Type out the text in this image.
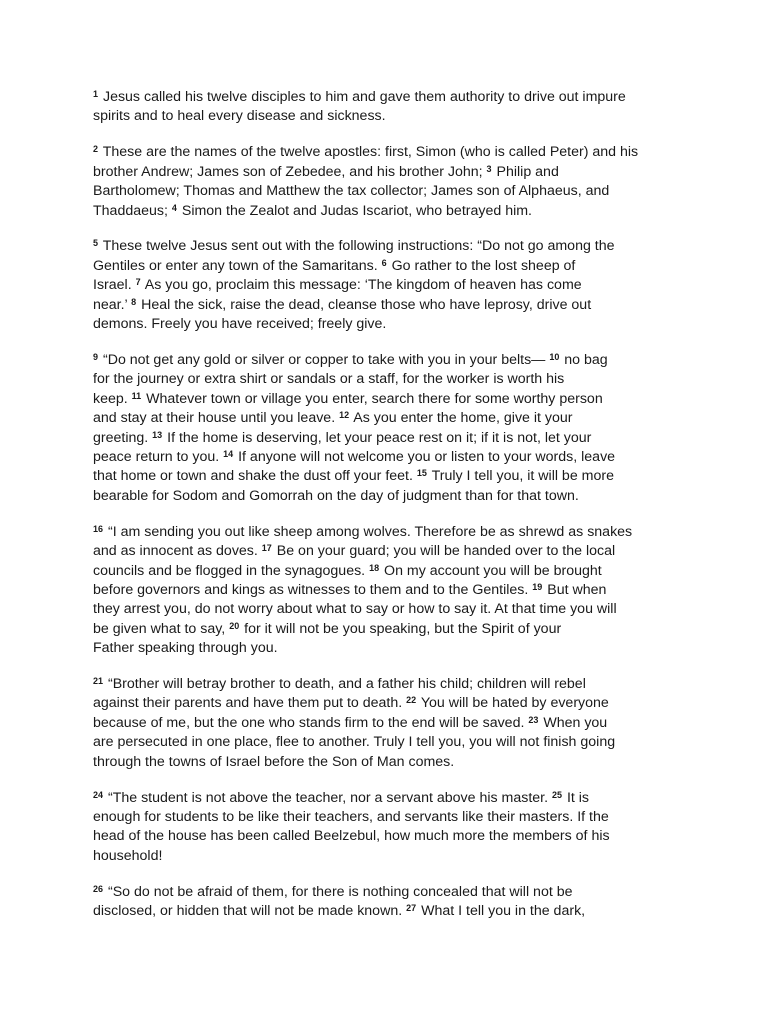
$^1$ Jesus called his twelve disciples to him and gave them authority to drive out impure
spirits and to heal every disease and sickness.

$^2$ These are the names of the twelve apostles: first, Simon (who is called Peter) and his
brother Andrew; James son of Zebedee, and his brother John; $^3$ Philip and
Bartholomew; Thomas and Matthew the tax collector; James son of Alphaeus, and
Thaddaeus; $^4$ Simon the Zealot and Judas Iscariot, who betrayed him.

$^5$ These twelve Jesus sent out with the following instructions: “Do not go among the
Gentiles or enter any town of the Samaritans. $^6$ Go rather to the lost sheep of
Israel. $^7$ As you go, proclaim this message: ‘The kingdom of heaven has come
near.’ $^8$ Heal the sick, raise the dead, cleanse those who have leprosy, drive out
demons. Freely you have received; freely give.

$^9$ “Do not get any gold or silver or copper to take with you in your belts— $^{10}$ no bag
for the journey or extra shirt or sandals or a staff, for the worker is worth his
keep. $^{11}$ Whatever town or village you enter, search there for some worthy person
and stay at their house until you leave. $^{12}$ As you enter the home, give it your
greeting. $^{13}$ If the home is deserving, let your peace rest on it; if it is not, let your
peace return to you. $^{14}$ If anyone will not welcome you or listen to your words, leave
that home or town and shake the dust off your feet. $^{15}$ Truly I tell you, it will be more
bearable for Sodom and Gomorrah on the day of judgment than for that town.

$^{16}$ “I am sending you out like sheep among wolves. Therefore be as shrewd as snakes
and as innocent as doves. $^{17}$ Be on your guard; you will be handed over to the local
councils and be flogged in the synagogues. $^{18}$ On my account you will be brought
before governors and kings as witnesses to them and to the Gentiles. $^{19}$ But when
they arrest you, do not worry about what to say or how to say it. At that time you will
be given what to say, $^{20}$ for it will not be you speaking, but the Spirit of your
Father speaking through you.

$^{21}$ “Brother will betray brother to death, and a father his child; children will rebel
against their parents and have them put to death. $^{22}$ You will be hated by everyone
because of me, but the one who stands firm to the end will be saved. $^{23}$ When you
are persecuted in one place, flee to another. Truly I tell you, you will not finish going
through the towns of Israel before the Son of Man comes.

$^{24}$ “The student is not above the teacher, nor a servant above his master. $^{25}$ It is
enough for students to be like their teachers, and servants like their masters. If the
head of the house has been called Beelzebul, how much more the members of his
household!

$^{26}$ “So do not be afraid of them, for there is nothing concealed that will not be
disclosed, or hidden that will not be made known. $^{27}$ What I tell you in the dark,
